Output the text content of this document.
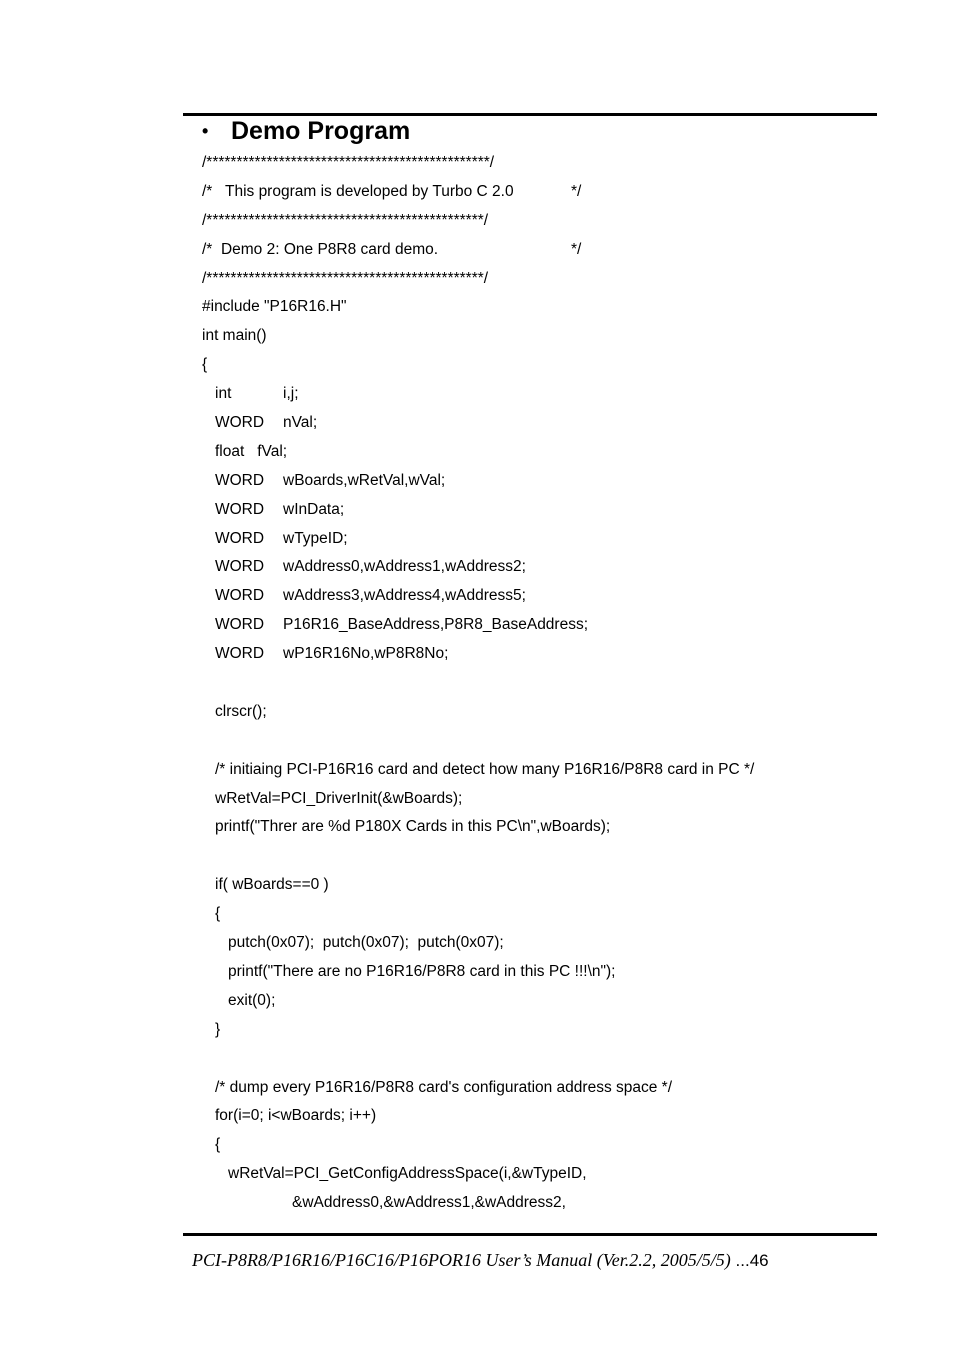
• Demo Program
/***********************************************/
/*   This program is developed by Turbo C 2.0	*/
/**********************************************/
/*  Demo 2: One P8R8 card demo.	*/
/**********************************************/
#include "P16R16.H"
int main()
{
int	i,j;
WORD nVal;
float   fVal;
WORD wBoards,wRetVal,wVal;
WORD wInData;
WORD wTypeID;
WORD wAddress0,wAddress1,wAddress2;
WORD wAddress3,wAddress4,wAddress5;
WORD P16R16_BaseAddress,P8R8_BaseAddress;
WORD wP16R16No,wP8R8No;
clrscr();
/* initiaing PCI-P16R16 card and detect how many P16R16/P8R8 card in PC */
wRetVal=PCI_DriverInit(&wBoards);
printf("Threr are %d P180X Cards in this PC\n",wBoards);
if( wBoards==0 )
{
putch(0x07);  putch(0x07);  putch(0x07);
printf("There are no P16R16/P8R8 card in this PC !!!\n");
exit(0);
}
/* dump every P16R16/P8R8 card's configuration address space */
for(i=0; i<wBoards; i++)
{
wRetVal=PCI_GetConfigAddressSpace(i,&wTypeID,
&wAddress0,&wAddress1,&wAddress2,
PCI-P8R8/P16R16/P16C16/P16POR16 User’s Manual (Ver.2.2, 2005/5/5) ...46
